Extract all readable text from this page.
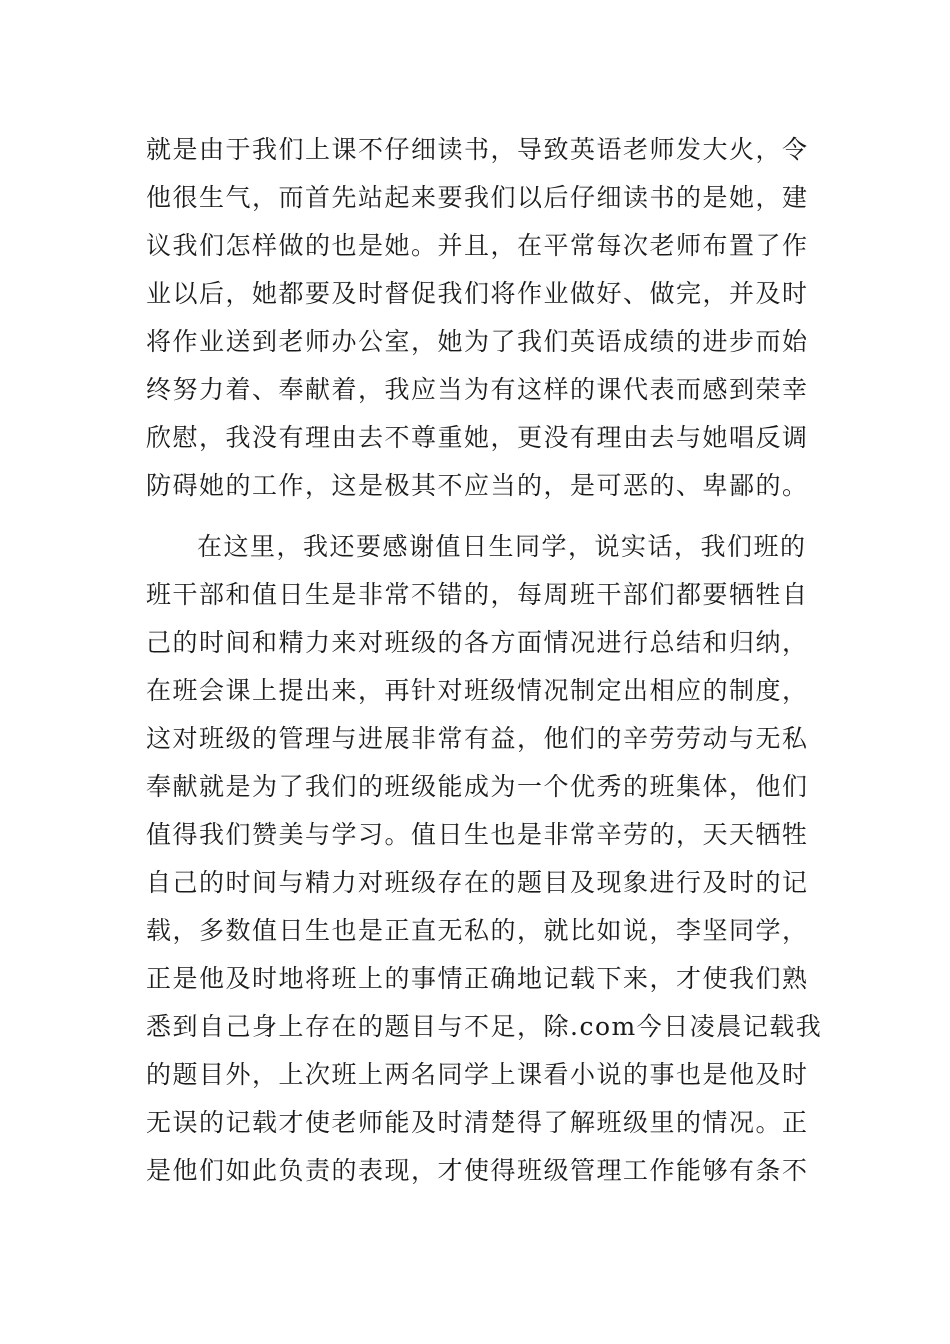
就是由于我们上课不仔细读书，导致英语老师发大火，令
他很生气，而首先站起来要我们以后仔细读书的是她，建
议我们怎样做的也是她。并且，在平常每次老师布置了作
业以后，她都要及时督促我们将作业做好、做完，并及时
将作业送到老师办公室，她为了我们英语成绩的进步而始
终努力着、奉献着，我应当为有这样的课代表而感到荣幸
欣慰，我没有理由去不尊重她，更没有理由去与她唱反调
防碍她的工作，这是极其不应当的，是可恶的、卑鄙的。
在这里，我还要感谢值日生同学，说实话，我们班的
班干部和值日生是非常不错的，每周班干部们都要牺牲自
己的时间和精力来对班级的各方面情况进行总结和归纳，
在班会课上提出来，再针对班级情况制定出相应的制度，
这对班级的管理与进展非常有益，他们的辛劳劳动与无私
奉献就是为了我们的班级能成为一个优秀的班集体，他们
值得我们赞美与学习。值日生也是非常辛劳的，天天牺牲
自己的时间与精力对班级存在的题目及现象进行及时的记
载，多数值日生也是正直无私的，就比如说，李坚同学，
正是他及时地将班上的事情正确地记载下来，才使我们熟
悉到自己身上存在的题目与不足，除.com今日凌晨记载我
的题目外，上次班上两名同学上课看小说的事也是他及时
无误的记载才使老师能及时清楚得了解班级里的情况。正
是他们如此负责的表现，才使得班级管理工作能够有条不
